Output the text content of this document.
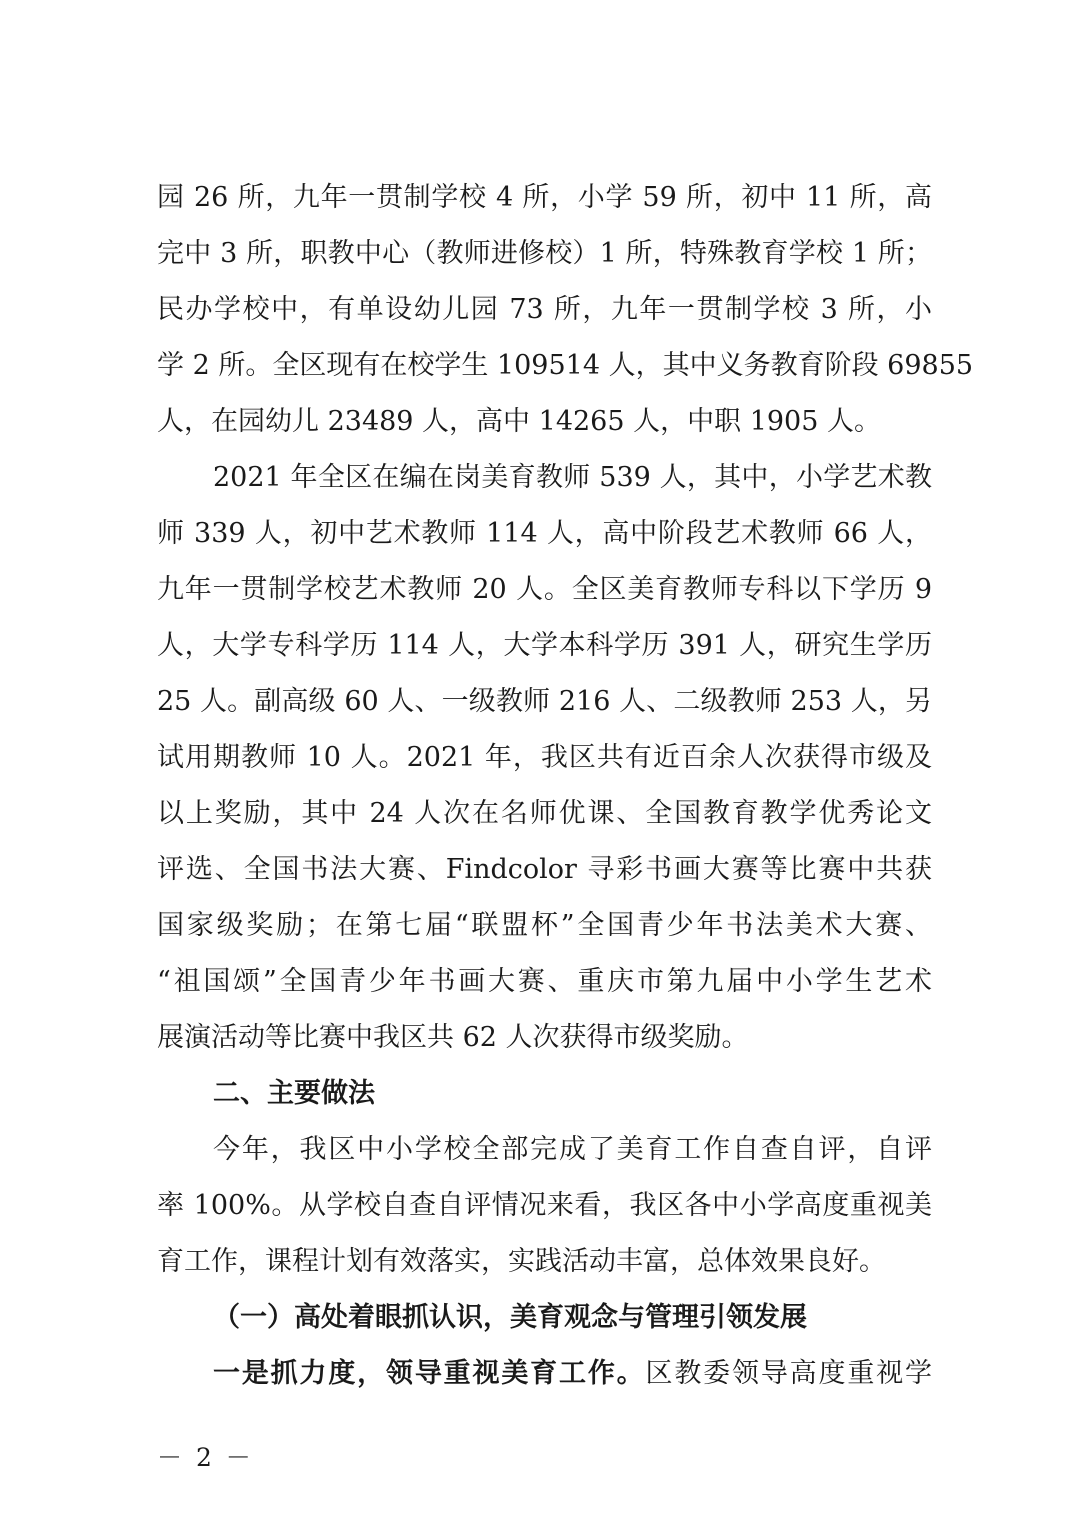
园 26 所，九年一贯制学校 4 所，小学 59 所，初中 11 所，高
完中 3 所，职教中心（教师进修校）1 所，特殊教育学校 1 所；
民办学校中，有单设幼儿园 73 所，九年一贯制学校 3 所，小
学 2 所。全区现有在校学生 109514 人，其中义务教育阶段 69855
人，在园幼儿 23489 人，高中 14265 人，中职 1905 人。
2021 年全区在编在岗美育教师 539 人，其中，小学艺术教
师 339 人，初中艺术教师 114 人，高中阶段艺术教师 66 人，
九年一贯制学校艺术教师 20 人。全区美育教师专科以下学历 9
人，大学专科学历 114 人，大学本科学历 391 人，研究生学历
25 人。副高级 60 人、一级教师 216 人、二级教师 253 人，另
试用期教师 10 人。2021 年，我区共有近百余人次获得市级及
以上奖励，其中 24 人次在名师优课、全国教育教学优秀论文
评选、全国书法大赛、Findcolor 寻彩书画大赛等比赛中共获
国家级奖励；在第七届“联盟杯”全国青少年书法美术大赛、
“祖国颂”全国青少年书画大赛、重庆市第九届中小学生艺术
展演活动等比赛中我区共 62 人次获得市级奖励。
二、主要做法
今年，我区中小学校全部完成了美育工作自查自评，自评
率 100%。从学校自查自评情况来看，我区各中小学高度重视美
育工作，课程计划有效落实，实践活动丰富，总体效果良好。
（一）高处着眼抓认识，美育观念与管理引领发展
一是抓力度，领导重视美育工作。区教委领导高度重视学
－ 2 －
